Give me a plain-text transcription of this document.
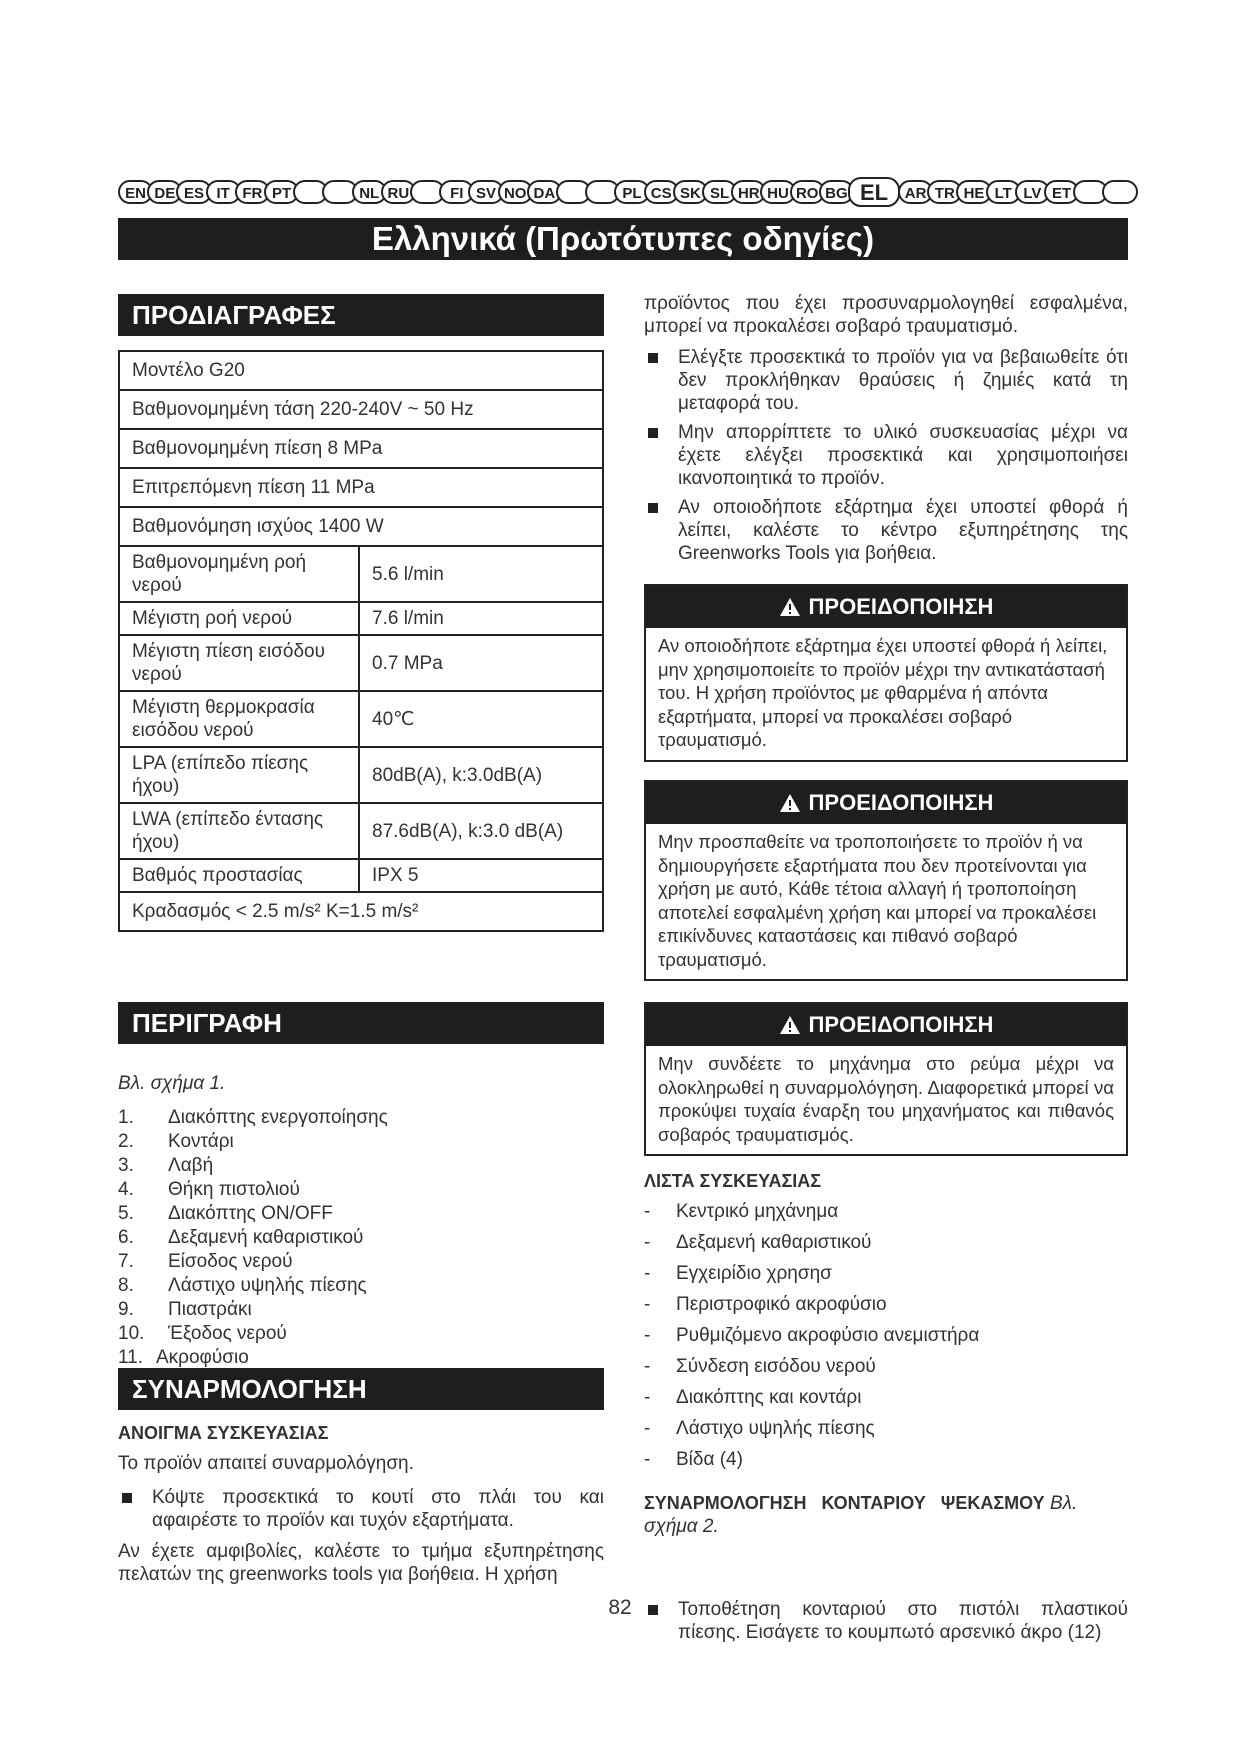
EN DE ES IT FR PT	NL RU	FI SV NO DA	PL CS SK SL HR HU RO BG EL	AR TR HE LT LV ET
Ελληνικά (Πρωτότυπες οδηγίες)
ΠΡΟΔΙΑΓΡΑΦΕΣ
Μοντέλο G20	
Βαθμονομημένη τάση 220-240V ~ 50 Hz	
Βαθμονομημένη πίεση 8 MPa	
Επιτρεπόμενη πίεση 11 MPa	
Βαθμονόμηση ισχύος 1400 W	
Βαθμονομημένη ροή νερού	5.6 l/min
Μέγιστη ροή νερού	7.6 l/min
Μέγιστη πίεση εισόδου νερού	0.7 MPa
Μέγιστη θερμοκρασία εισόδου νερού	40℃
LPA (επίπεδο πίεσης ήχου)	80dB(A), k:3.0dB(A)
LWA (επίπεδο έντασης ήχου)	87.6dB(A), k:3.0 dB(A)
Βαθμός προστασίας	IPX 5
Κραδασμός < 2.5 m/s² K=1.5 m/s²	
ΠΕΡΙΓΡΑΦΗ
Βλ. σχήμα 1.
1. Διακόπτης ενεργοποίησης
2. Κοντάρι
3. Λαβή
4. Θήκη πιστολιού
5. Διακόπτης ON/OFF
6. Δεξαμενή καθαριστικού
7. Είσοδος νερού
8. Λάστιχο υψηλής πίεσης
9. Πιαστράκι
10. Έξοδος νερού
11. Ακροφύσιο
ΣΥΝΑΡΜΟΛΟΓΗΣΗ
ΑΝΟΙΓΜΑ ΣΥΣΚΕΥΑΣΙΑΣ
Το προϊόν απαιτεί συναρμολόγηση.
Κόψτε προσεκτικά το κουτί στο πλάι του και αφαιρέστε το προϊόν και τυχόν εξαρτήματα.
Αν έχετε αμφιβολίες, καλέστε το τμήμα εξυπηρέτησης πελατών της greenworks tools για βοήθεια. Η χρήση
προϊόντος που έχει προσυναρμολογηθεί εσφαλμένα, μπορεί να προκαλέσει σοβαρό τραυματισμό.
Ελέγξτε προσεκτικά το προϊόν για να βεβαιωθείτε ότι δεν προκλήθηκαν θραύσεις ή ζημιές κατά τη μεταφορά του.
Μην απορρίπτετε το υλικό συσκευασίας μέχρι να έχετε ελέγξει προσεκτικά και χρησιμοποιήσει ικανοποιητικά το προϊόν.
Αν οποιοδήποτε εξάρτημα έχει υποστεί φθορά ή λείπει, καλέστε το κέντρο εξυπηρέτησης της Greenworks Tools για βοήθεια.
ΠΡΟΕΙΔΟΠΟΙΗΣΗ
Αν οποιοδήποτε εξάρτημα έχει υποστεί φθορά ή λείπει, μην χρησιμοποιείτε το προϊόν μέχρι την αντικατάστασή του. Η χρήση προϊόντος με φθαρμένα ή απόντα εξαρτήματα, μπορεί να προκαλέσει σοβαρό τραυματισμό.
ΠΡΟΕΙΔΟΠΟΙΗΣΗ
Μην προσπαθείτε να τροποποιήσετε το προϊόν ή να δημιουργήσετε εξαρτήματα που δεν προτείνονται για χρήση με αυτό, Κάθε τέτοια αλλαγή ή τροποποίηση αποτελεί εσφαλμένη χρήση και μπορεί να προκαλέσει επικίνδυνες καταστάσεις και πιθανό σοβαρό τραυματισμό.
ΠΡΟΕΙΔΟΠΟΙΗΣΗ
Μην συνδέετε το μηχάνημα στο ρεύμα μέχρι να ολοκληρωθεί η συναρμολόγηση. Διαφορετικά μπορεί να προκύψει τυχαία έναρξη του μηχανήματος και πιθανός σοβαρός τραυματισμός.
ΛΙΣΤΑ ΣΥΣΚΕΥΑΣΙΑΣ
- Κεντρικό μηχάνημα
- Δεξαμενή καθαριστικού
- Εγχειρίδιο χρησησ
- Περιστροφικό ακροφύσιο
- Ρυθμιζόμενο ακροφύσιο ανεμιστήρα
- Σύνδεση εισόδου νερού
- Διακόπτης και κοντάρι
- Λάστιχο υψηλής πίεσης
- Βίδα (4)
ΣΥΝΑΡΜΟΛΟΓΗΣΗ ΚΟΝΤΑΡΙΟΥ ΨΕΚΑΣΜΟΥ Βλ. σχήμα 2.
Τοποθέτηση κονταριού στο πιστόλι πλαστικού πίεσης. Εισάγετε το κουμπωτό αρσενικό άκρο (12)
82
